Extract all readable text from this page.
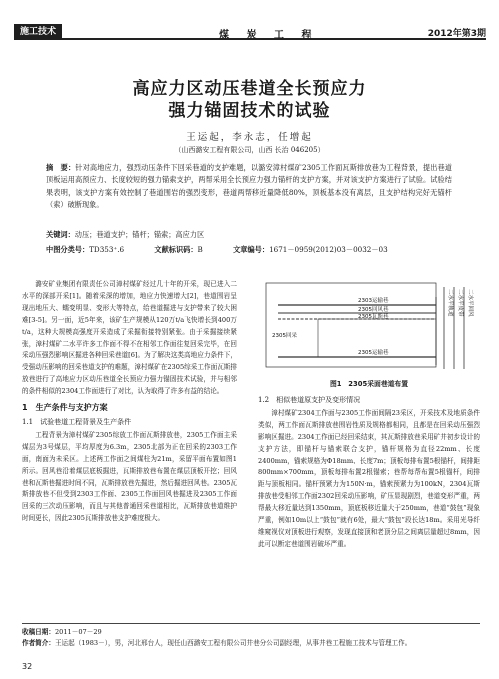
施工技术	煤 炭 工 程	2012年第3期
高应力区动压巷道全长预应力
强力锚固技术的试验
王运起，李永志，任增起
（山西潞安工程有限公司，山西 长治 046205）
摘　要：针对高地应力，强烈动压条件下回采巷道的支护难题，以潞安漳村煤矿2305工作面瓦斯排放巷为工程背景，提出巷道顶板运用高预应力、长度较短的强力锚索支护，两帮采用全长预应力强力锚杆的支护方案，并对该支护方案进行了试验。试验结果表明，该支护方案有效控制了巷道围岩的强烈变形，巷道两帮移近量降低80%，顶板基本没有离层，且支护结构完好无锚杆（索）破断现象。
关键词：动压；巷道支护；锚杆；锚索；高应力区
中图分类号：TD353⁺.6	文献标识码：B	文章编号：1671－0959(2012)03－0032－03

潞安矿业集团有限责任公司漳村煤矿经过几十年的开采，现已进入二水平的深部开采[1]。随着采深的增加，地应力快速增大[2]，巷道围岩呈现出地压大、蠕变明显、变形大等特点，给巷道掘进与支护带来了较大困难[3-5]。另一面，近5年来，该矿生产规模从120万t/a飞快增长到400万t/a，这种大规模高强度开采造成了采掘衔接特别紧张。由于采掘接续紧张，漳村煤矿二水平许多工作面不得不在相邻工作面往复回采完毕，在回采动压强烈影响区掘进各种回采巷道[6]。为了解决这类高地应力条件下，受强动压影响的回采巷道支护的难题，漳村煤矿在2305综采工作面瓦斯排放巷进行了高地应力区动压巷道全长预应力强力锚固技术试验，并与相邻的条件相似的2304工作面进行了对比，认为取得了许多有益的结论。

1　生产条件与支护方案

1.1　试验巷道工程背景及生产条件

工程背景为漳村煤矿2305综放工作面瓦斯排放巷，2305工作面主采煤层为3号煤层，平均厚度为6.3m，2305北部为正在回采的2303工作面，南面为未采区。上述两工作面之间煤柱为21m，采留平面布置如图1所示。回风巷沿着煤层底板掘进，瓦斯排放巷布置在煤层顶板开挖；回风巷和瓦斯巷掘进时间不同，瓦斯排放巷先掘进，然后掘进回风巷。2305瓦斯排放巷不但受到2303工作面、2305工作面回风巷掘进及2305工作面回采的三次动压影响，而且与其他普通回采巷道相比，瓦斯排放巷道维护时间更长，因此2305瓦斯排放巷支护难度极大。

2303运输巷
2305回风巷
2305瓦斯巷
2305回采
2305运输巷
二水平轨道 二水平皮带 二水平回风
图1　2305采面巷道布置

1.2　相似巷道原支护及变形情况

漳村煤矿2304工作面与2305工作面间隔23采区，开采技术及地质条件类似，两工作面瓦斯排放巷围岩性质及规格都相同，且都是在回采动压强烈影响区掘进。2304工作面已经回采结束，其瓦斯排放巷采用矿井初步设计的支护方法，即锚杆与锚索联合支护，锚杆规格为直径22mm、长度2400mm，锚索规格为Φ18mm、长度7m；顶板每排布置5根锚杆，间排距800mm×700mm，顶板每排布置2根锚索；巷帮每帮布置5根锚杆，间排距与顶板相同。锚杆预紧力为150N·m，锚索预紧力为100kN，2304瓦斯排放巷受相邻工作面2302回采动压影响，矿压显现剧烈，巷道变形严重，两帮最大移近量达到1350mm，顶底板移近量大于250mm，巷道“鼓包”现象严重，例如10m以上“鼓包”就有6处，最大“鼓包”段长达18m。采用光导纤维窥视仪对顶板进行观察，发现直接顶和老顶分层之间离层量超过8mm，因此可以断定巷道围岩破坏严重。

收稿日期：2011－07－29
作者简介：王运起（1983－），男，河北邢台人，现任山西潞安工程有限公司井巷分公司副经理，从事井巷工程施工技术与管理工作。
32
